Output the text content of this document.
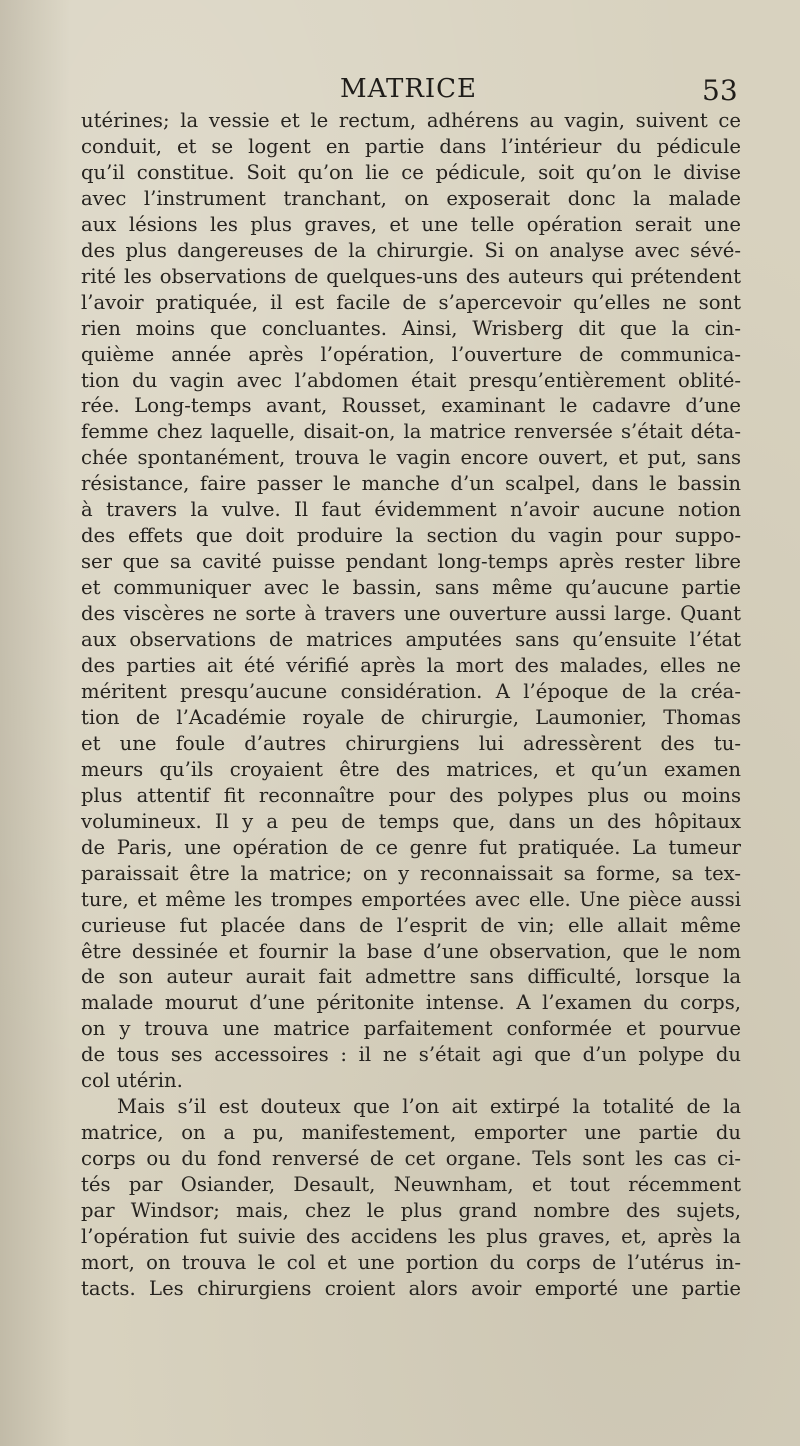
MATRICE	53
utérines; la vessie et le rectum, adhérens au vagin, suivent ce
conduit, et se logent en partie dans l’intérieur du pédicule
qu’il constitue. Soit qu’on lie ce pédicule, soit qu’on le divise
avec l’instrument tranchant, on exposerait donc la malade
aux lésions les plus graves, et une telle opération serait une
des plus dangereuses de la chirurgie. Si on analyse avec sévé-
rité les observations de quelques-uns des auteurs qui prétendent
l’avoir pratiquée, il est facile de s’apercevoir qu’elles ne sont
rien moins que concluantes. Ainsi, Wrisberg dit que la cin-
quième année après l’opération, l’ouverture de communica-
tion du vagin avec l’abdomen était presqu’entièrement oblité-
rée. Long-temps avant, Rousset, examinant le cadavre d’une
femme chez laquelle, disait-on, la matrice renversée s’était déta-
chée spontanément, trouva le vagin encore ouvert, et put, sans
résistance, faire passer le manche d’un scalpel, dans le bassin
à travers la vulve. Il faut évidemment n’avoir aucune notion
des effets que doit produire la section du vagin pour suppo-
ser que sa cavité puisse pendant long-temps après rester libre
et communiquer avec le bassin, sans même qu’aucune partie
des viscères ne sorte à travers une ouverture aussi large. Quant
aux observations de matrices amputées sans qu’ensuite l’état
des parties ait été vérifié après la mort des malades, elles ne
méritent presqu’aucune considération. A l’époque de la créa-
tion de l’Académie royale de chirurgie, Laumonier, Thomas
et une foule d’autres chirurgiens lui adressèrent des tu-
meurs qu’ils croyaient être des matrices, et qu’un examen
plus attentif fit reconnaître pour des polypes plus ou moins
volumineux. Il y a peu de temps que, dans un des hôpitaux
de Paris, une opération de ce genre fut pratiquée. La tumeur
paraissait être la matrice; on y reconnaissait sa forme, sa tex-
ture, et même les trompes emportées avec elle. Une pièce aussi
curieuse fut placée dans de l’esprit de vin; elle allait même
être dessinée et fournir la base d’une observation, que le nom
de son auteur aurait fait admettre sans difficulté, lorsque la
malade mourut d’une péritonite intense. A l’examen du corps,
on y trouva une matrice parfaitement conformée et pourvue
de tous ses accessoires : il ne s’était agi que d’un polype du
col utérin.
Mais s’il est douteux que l’on ait extirpé la totalité de la
matrice, on a pu, manifestement, emporter une partie du
corps ou du fond renversé de cet organe. Tels sont les cas ci-
tés par Osiander, Desault, Neuwnham, et tout récemment
par Windsor; mais, chez le plus grand nombre des sujets,
l’opération fut suivie des accidens les plus graves, et, après la
mort, on trouva le col et une portion du corps de l’utérus in-
tacts. Les chirurgiens croient alors avoir emporté une partie
